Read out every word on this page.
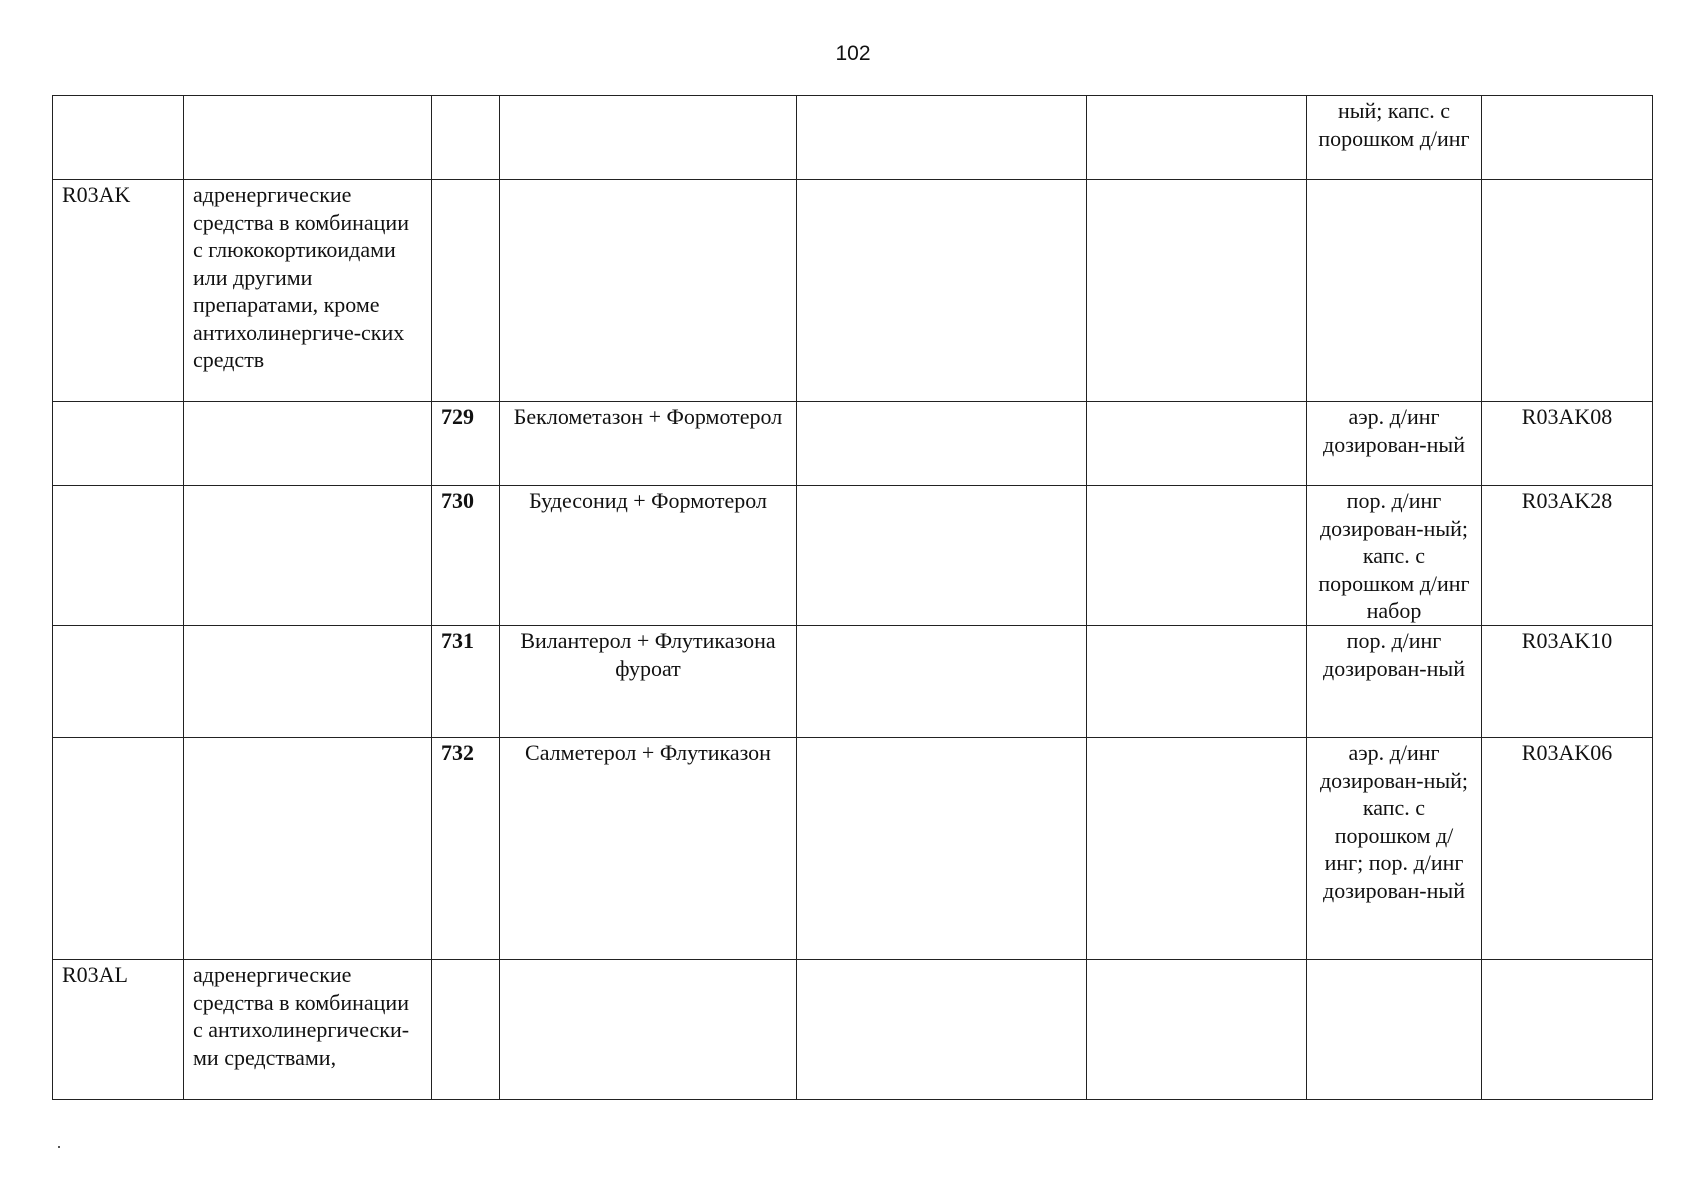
102
						ный; капс. с порошком д/инг	
R03AK	адренергические средства в комбинации с глюкокортикоидами или другими препаратами, кроме антихолинергиче-ских средств						
		729	Беклометазон + Формотерол			аэр. д/инг дозирован-ный	R03AK08
		730	Будесонид + Формотерол			пор. д/инг дозирован-ный; капс. с порошком д/инг набор	R03AK28
		731	Вилантерол + Флутиказона фуроат			пор. д/инг дозирован-ный	R03AK10
		732	Салметерол + Флутиказон			аэр. д/инг дозирован-ный; капс. с порошком д/инг; пор. д/инг дозирован-ный	R03AK06
R03AL	адренергические средства в комбинации с антихолинергически-ми средствами,						
